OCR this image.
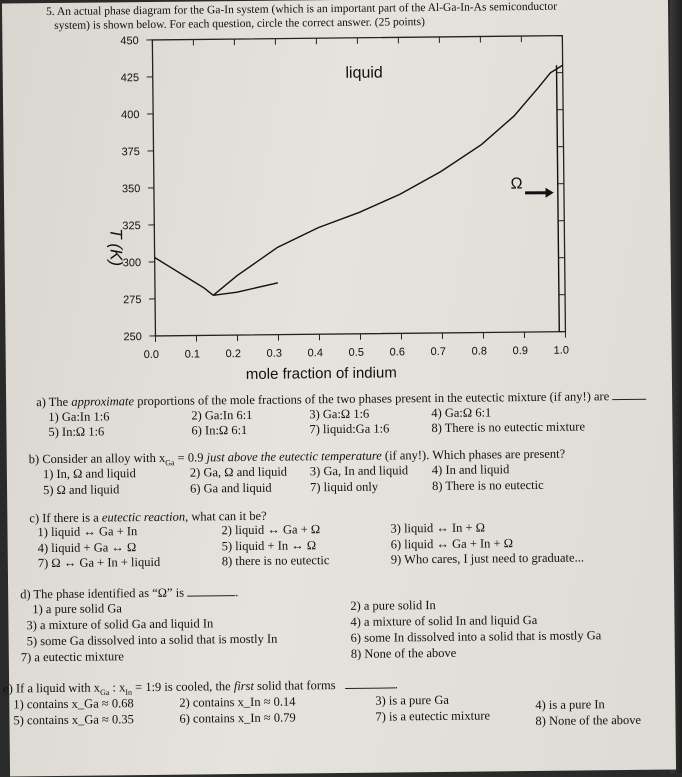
5. An actual phase diagram for the Ga-In system (which is an important part of the Al-Ga-In-As semiconductor
system) is shown below. For each question, circle the correct answer. (25 points)
0.0 0.1 0.2 0.3 0.4 0.5 0.6 0.7 0.8 0.9 1.0
250
275
300
325
350
375
400
425
450
mole fraction of indium
T (K)
liquid
Ω
a) The approximate proportions of the mole fractions of the two phases present in the eutectic mixture (if any!) are
1) Ga:In 1:6	2) Ga:In 6:1	3) Ga:Ω 1:6	4) Ga:Ω 6:1
5) In:Ω 1:6	6) In:Ω 6:1	7) liquid:Ga 1:6	8) There is no eutectic mixture
b) Consider an alloy with $x_{Ga} = 0.9$ just above the eutectic temperature (if any!). Which phases are present?
1) In, Ω and liquid	2) Ga, Ω and liquid 3) Ga, In and liquid 4) In and liquid
5) Ω and liquid	6) Ga and liquid	7) liquid only	8) There is no eutectic
c) If there is a eutectic reaction, what can it be?
1) liquid ↔ Ga + In	2) liquid ↔ Ga + Ω	3) liquid ↔ In + Ω
4) liquid + Ga ↔ Ω	5) liquid + In ↔ Ω	6) liquid ↔ Ga + In + Ω
7) Ω ↔ Ga + In + liquid	8) there is no eutectic	9) Who cares, I just need to graduate...
d) The phase identified as “Ω” is	.
1) a pure solid Ga	2) a pure solid In
3) a mixture of solid Ga and liquid In	4) a mixture of solid In and liquid Ga
5) some Ga dissolved into a solid that is mostly In	6) some In dissolved into a solid that is mostly Ga
7) a eutectic mixture	8) None of the above
e) If a liquid with $x_{Ga}$ : $x_{In}$ = 1:9 is cooled, the first solid that forms	.
1) contains x_Ga ≈ 0.68	2) contains x_In ≈ 0.14	3) is a pure Ga	4) is a pure In
5) contains x_Ga ≈ 0.35	6) contains x_In ≈ 0.79	7) is a eutectic mixture	8) None of the above
